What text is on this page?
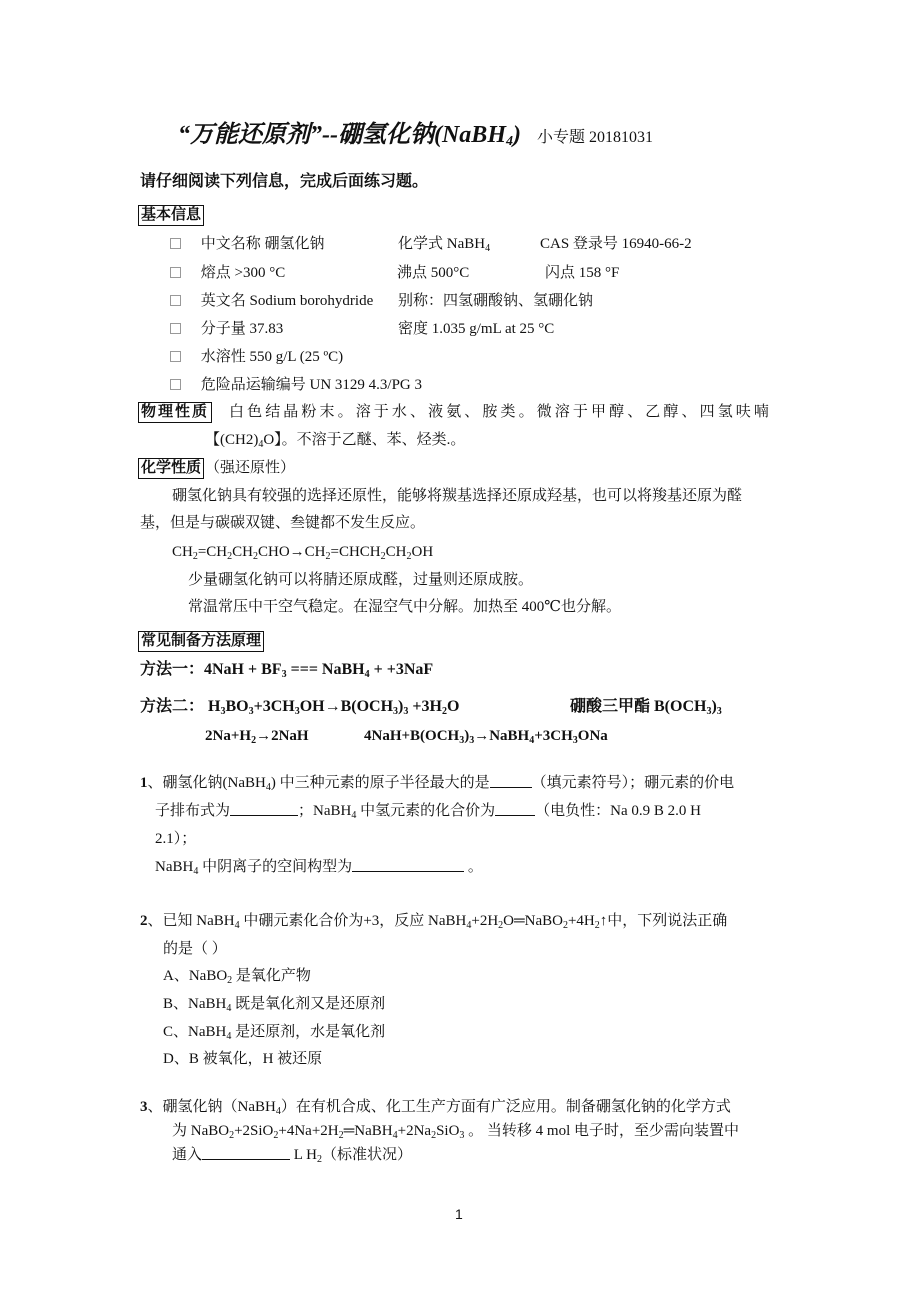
“万能还原剂”--硼氢化钠(NaBH$_4$) 小专题 20181031
请仔细阅读下列信息，完成后面练习题。
基本信息
中文名称 硼氢化钠	化学式 NaBH$_4$	CAS 登录号 16940-66-2
熔点 >300 °C	沸点 500°C	闪点 158 °F
英文名 Sodium borohydride 别称：四氢硼酸钠、氢硼化钠
分子量 37.83	密度 1.035 g/mL at 25 °C
水溶性 550 g/L (25 ºC)
危险品运输编号 UN 3129 4.3/PG 3
物理性质 白色结晶粉末。溶于水、液氨、胺类。微溶于甲醇、乙醇、四氢呋喃
【$(CH2)_4O$】。不溶于乙醚、苯、烃类.。
化学性质 （强还原性）
硼氢化钠具有较强的选择还原性，能够将羰基选择还原成羟基，也可以将羧基还原为醛
基，但是与碳碳双键、叁键都不发生反应。
$CH_2=CH_2CH_2CHO\to CH_2=CHCH_2CH_2OH$
少量硼氢化钠可以将腈还原成醛，过量则还原成胺。
常温常压中干空气稳定。在湿空气中分解。加热至 400℃也分解。
常见制备方法原理
方法一：$4NaH + BF_3$ === NaBH$_4$ + +3NaF
方法二： $H_3BO_3+3CH_3OH\to B(OCH_3)_3 +3H_2O$	硼酸三甲酯 $B(OCH_3)_3$
$2Na+H_2\to 2NaH$	$4NaH+B(OCH_3)_3\to NaBH_4+3CH_3ONa$
1、硼氢化钠(NaBH$_4$) 中三种元素的原子半径最大的是	（填元素符号）；硼元素的价电
子排布式为	；NaBH$_4$ 中氢元素的化合价为	（电负性：Na 0.9 B 2.0 H
2.1）；
NaBH$_4$ 中阴离子的空间构型为	。
2、已知 NaBH$_4$ 中硼元素化合价为+3，反应 $NaBH_4+2H_2O═NaBO_2+4H_2↑$中，下列说法正确
的是（ ）
A、NaBO$_2$ 是氧化产物
B、NaBH$_4$ 既是氧化剂又是还原剂
C、NaBH$_4$ 是还原剂，水是氧化剂
D、B 被氧化，H 被还原
3、硼氢化钠（NaBH$_4$）在有机合成、化工生产方面有广泛应用。制备硼氢化钠的化学方式
为 $NaBO_2+2SiO_2+4Na+2H_2═NaBH_4+2Na_2SiO_3$ 。 当转移 4 mol 电子时，至少需向装置中
通入	L $H_2$（标准状况）
1
